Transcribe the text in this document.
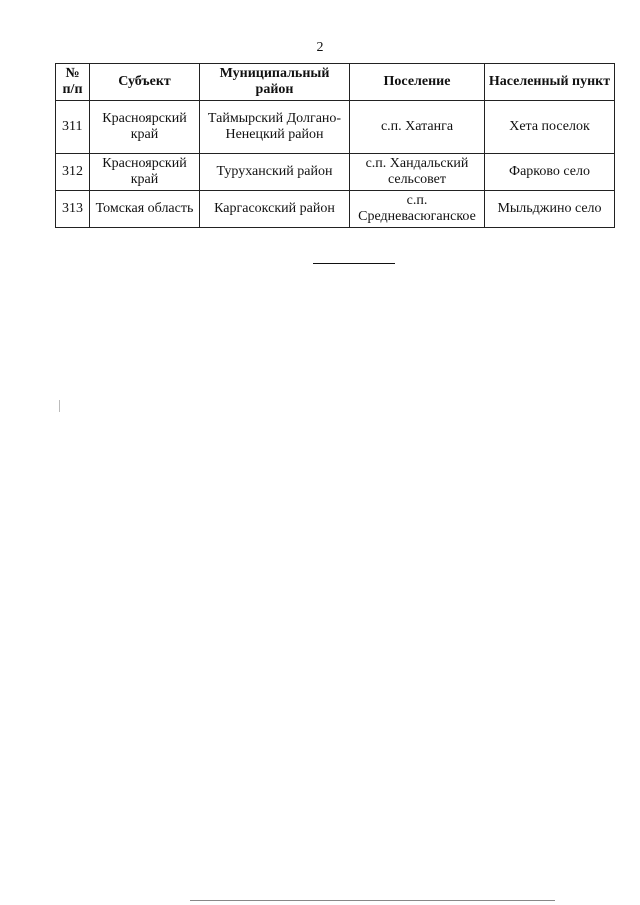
2
№ п/п	Субъект	Муниципальный район	Поселение	Населенный пункт
311	Красноярский край	Таймырский Долгано-Ненецкий район	с.п. Хатанга	Хета поселок
312	Красноярский край	Туруханский район	с.п. Хандальский сельсовет	Фарково село
313	Томская область	Каргасокский район	с.п. Средневасюганское	Мыльджино село
